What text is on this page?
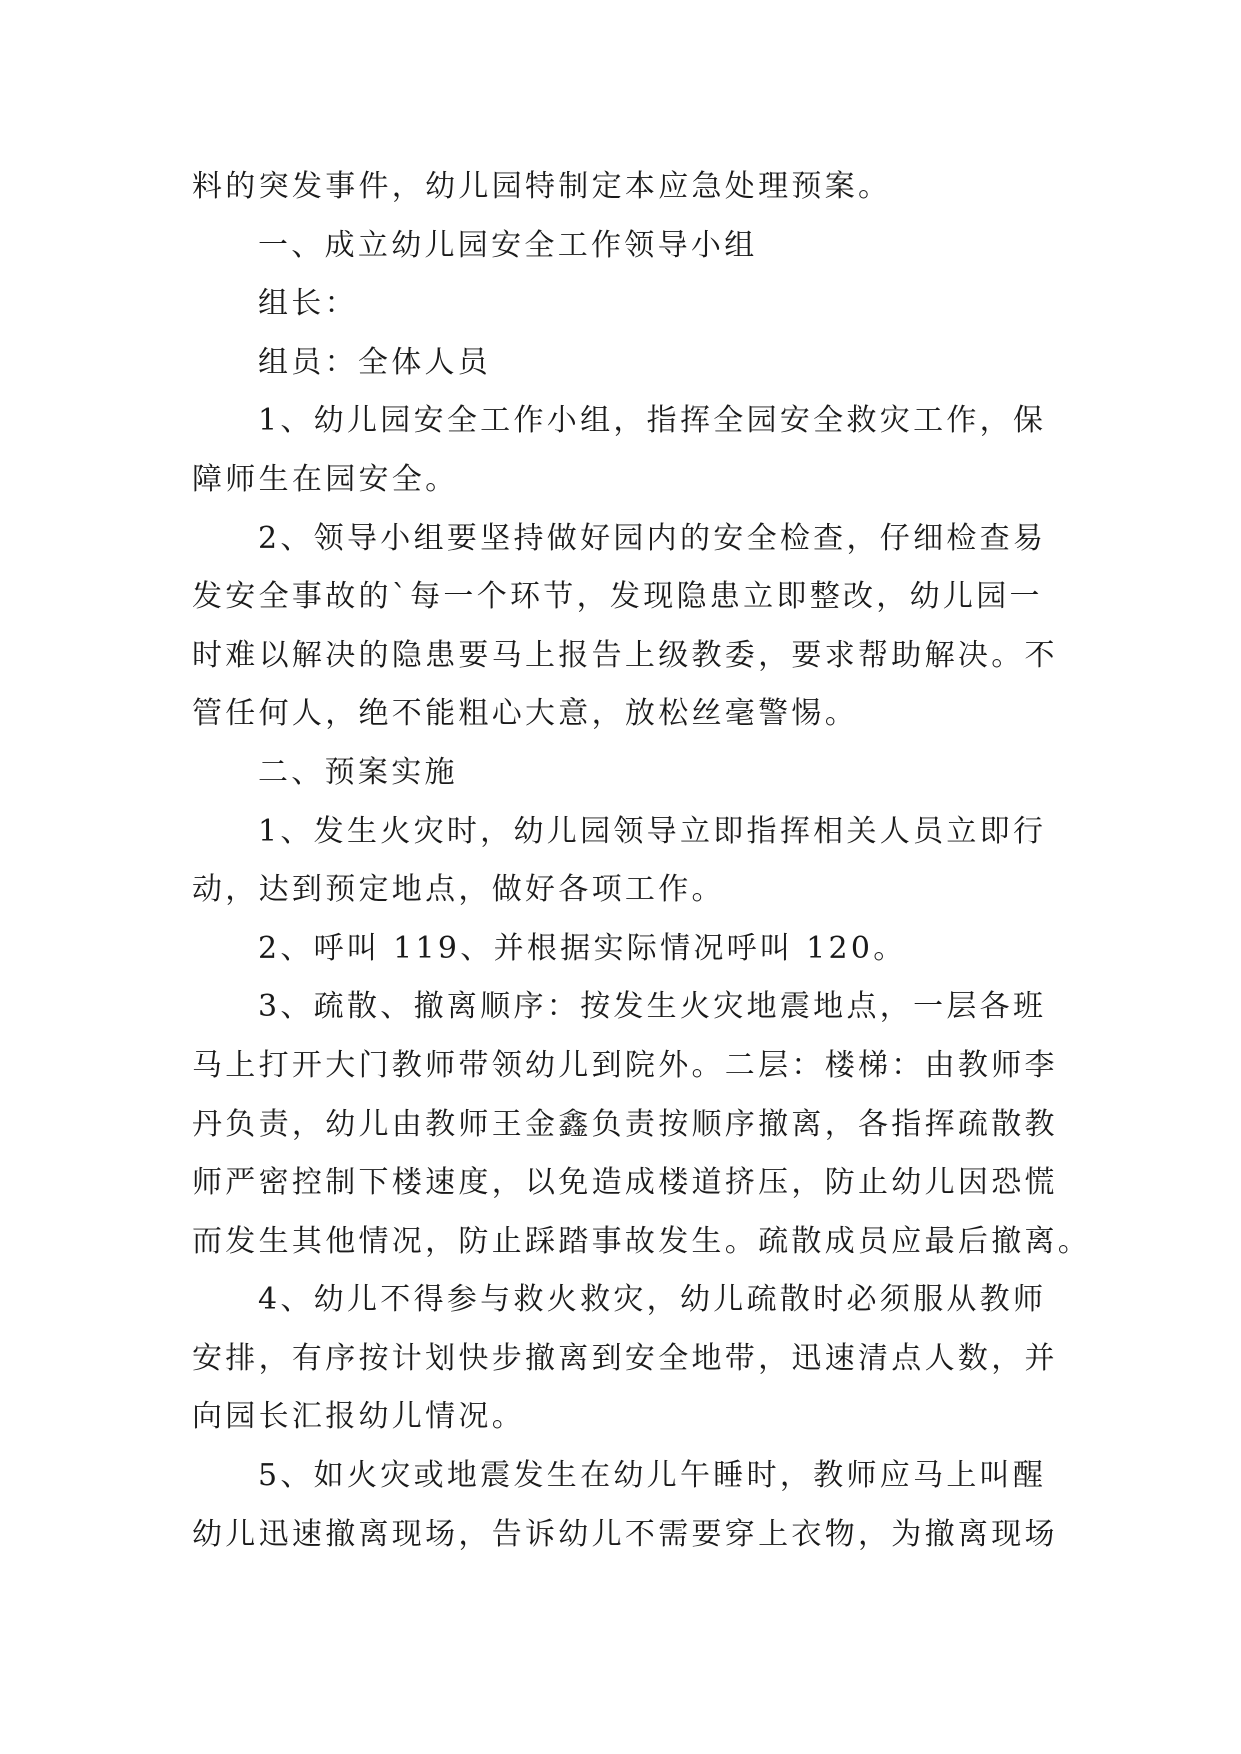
料的突发事件，幼儿园特制定本应急处理预案。
一、成立幼儿园安全工作领导小组
组长：
组员：全体人员
1、幼儿园安全工作小组，指挥全园安全救灾工作，保
障师生在园安全。
2、领导小组要坚持做好园内的安全检查，仔细检查易
发安全事故的`每一个环节，发现隐患立即整改，幼儿园一
时难以解决的隐患要马上报告上级教委，要求帮助解决。不
管任何人，绝不能粗心大意，放松丝毫警惕。
二、预案实施
1、发生火灾时，幼儿园领导立即指挥相关人员立即行
动，达到预定地点，做好各项工作。
2、呼叫 119、并根据实际情况呼叫 120。
3、疏散、撤离顺序：按发生火灾地震地点，一层各班
马上打开大门教师带领幼儿到院外。二层：楼梯：由教师李
丹负责，幼儿由教师王金鑫负责按顺序撤离，各指挥疏散教
师严密控制下楼速度，以免造成楼道挤压，防止幼儿因恐慌
而发生其他情况，防止踩踏事故发生。疏散成员应最后撤离。
4、幼儿不得参与救火救灾，幼儿疏散时必须服从教师
安排，有序按计划快步撤离到安全地带，迅速清点人数，并
向园长汇报幼儿情况。
5、如火灾或地震发生在幼儿午睡时，教师应马上叫醒
幼儿迅速撤离现场，告诉幼儿不需要穿上衣物，为撤离现场
